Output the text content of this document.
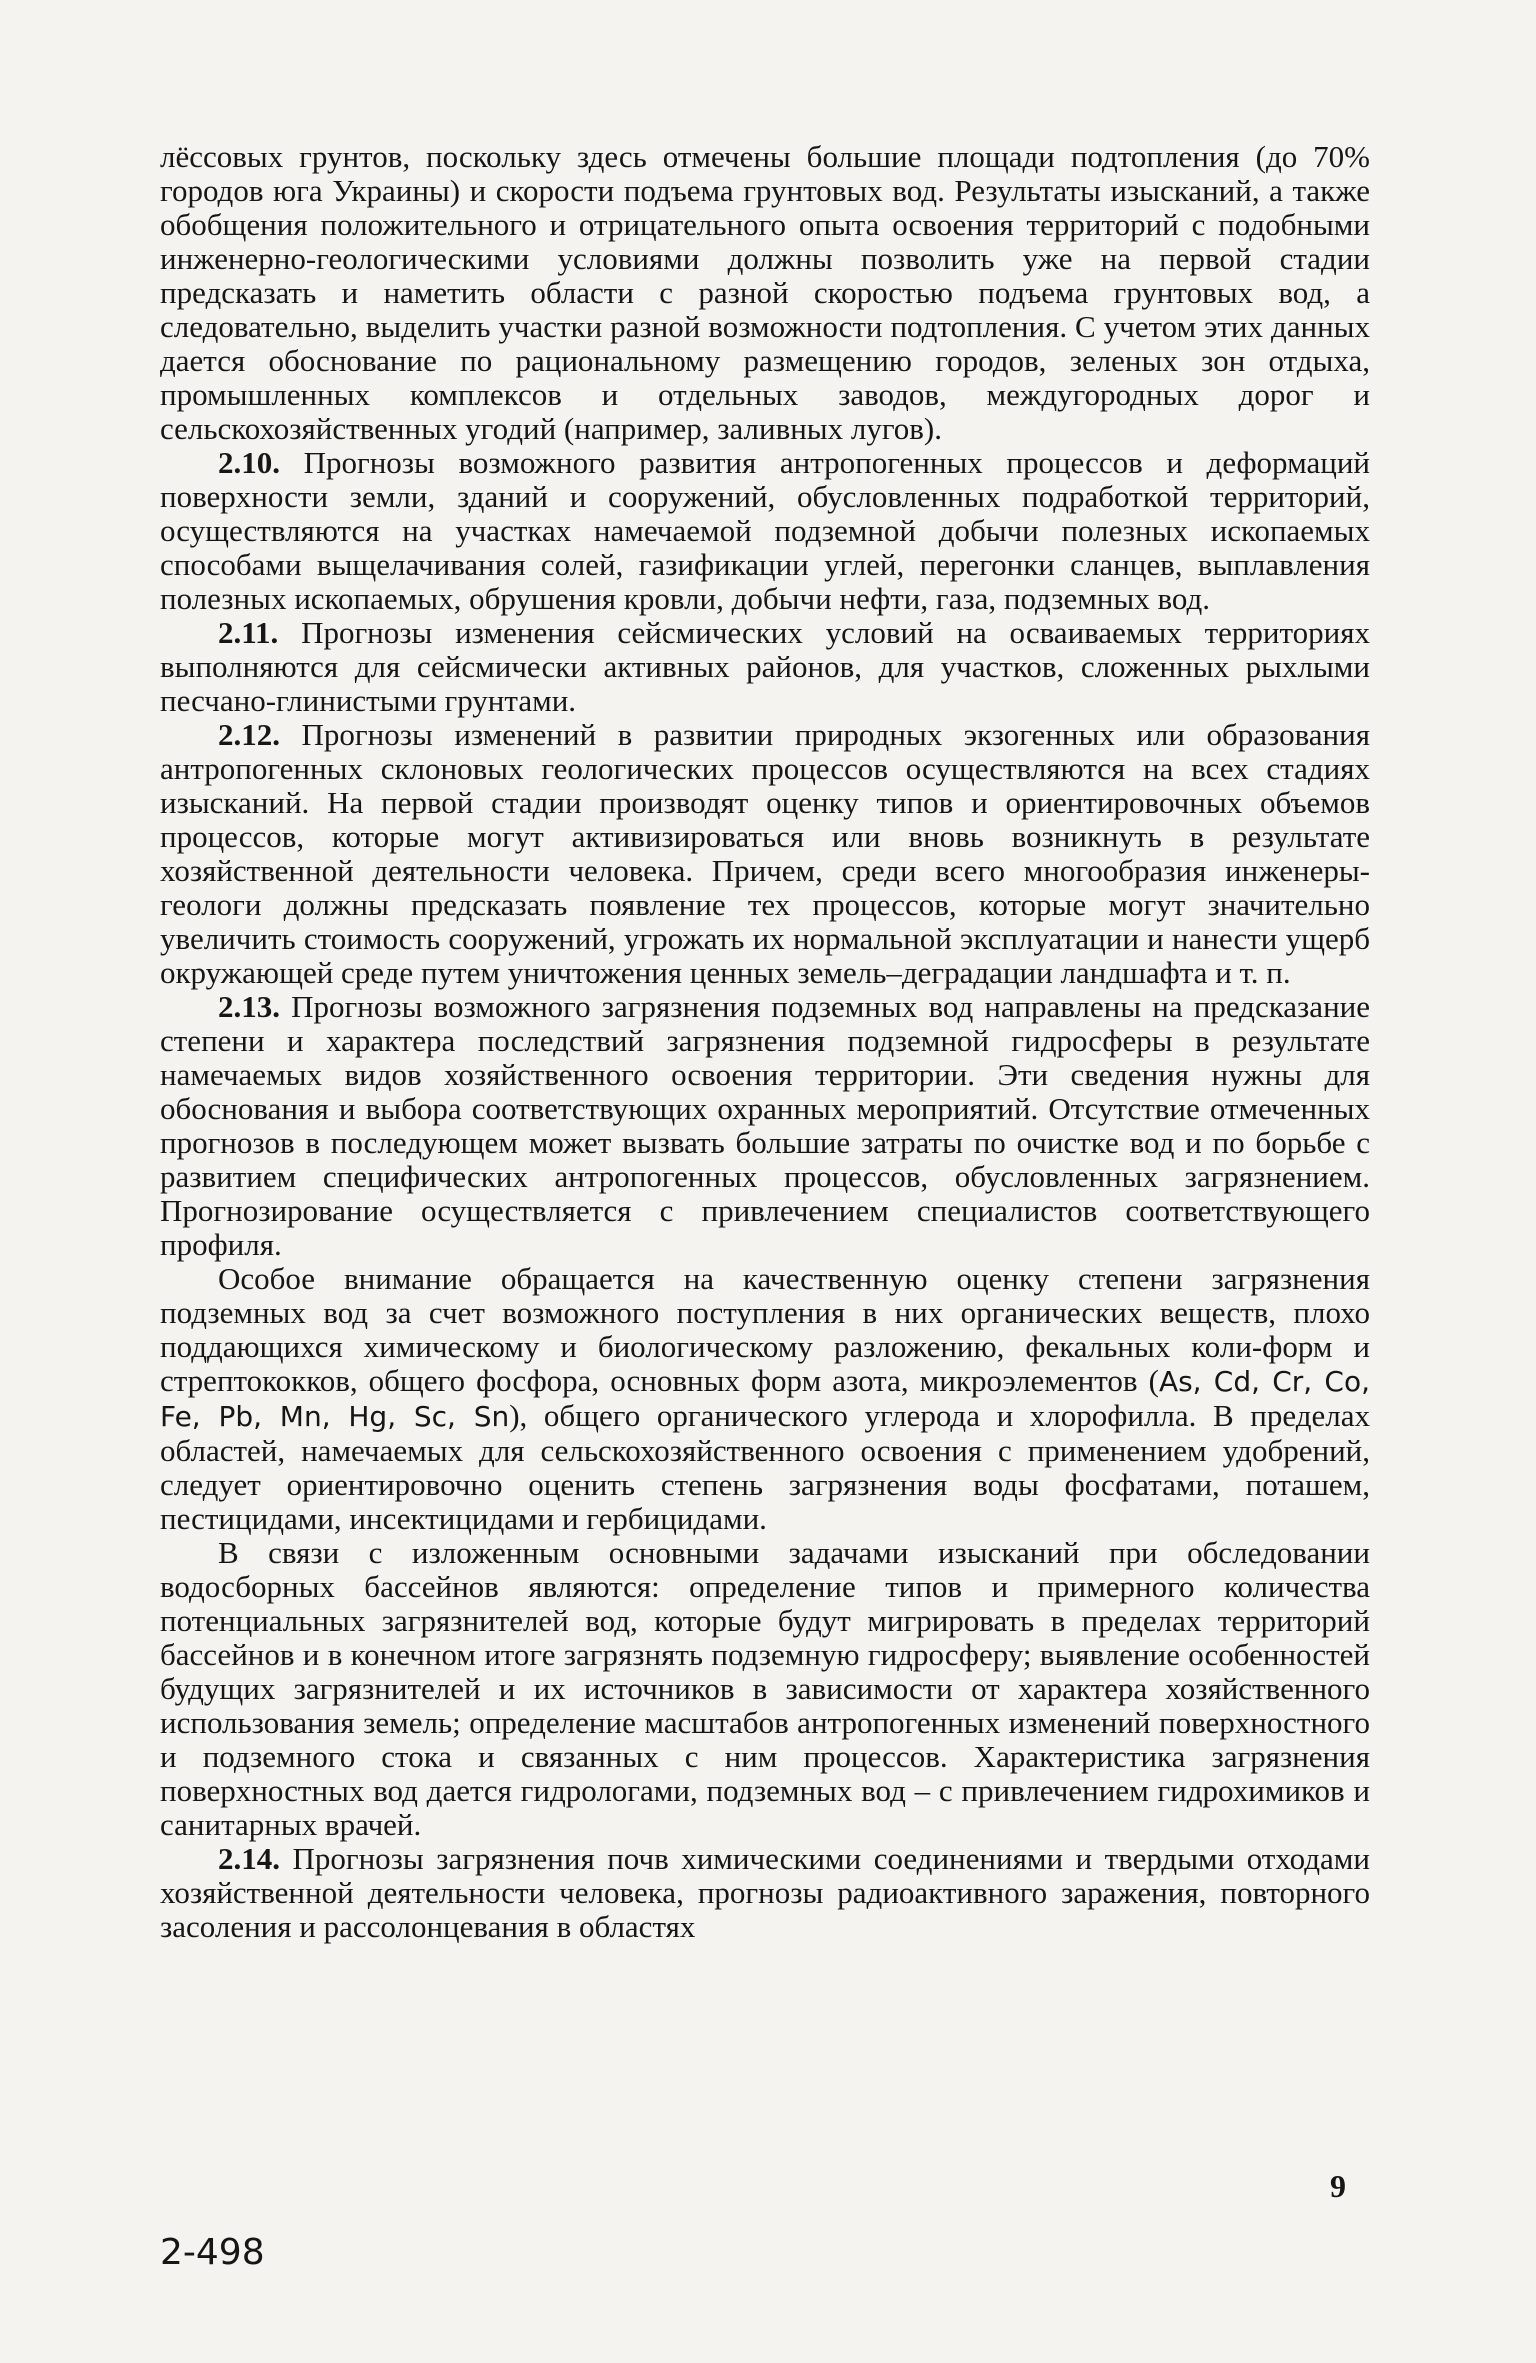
лёссовых грунтов, поскольку здесь отмечены большие площади подтопления (до 70% городов юга Украины) и скорости подъема грунтовых вод. Результаты изысканий, а также обобщения положительного и отрицательного опыта освоения территорий с подобными инженерно-геологическими условиями должны позволить уже на первой стадии предсказать и наметить области с разной скоростью подъема грунтовых вод, а следовательно, выделить участки разной возможности подтопления. С учетом этих данных дается обоснование по рациональному размещению городов, зеленых зон отдыха, промышленных комплексов и отдельных заводов, междугородных дорог и сельскохозяйственных угодий (например, заливных лугов).

2.10. Прогнозы возможного развития антропогенных процессов и деформаций поверхности земли, зданий и сооружений, обусловленных подработкой территорий, осуществляются на участках намечаемой подземной добычи полезных ископаемых способами выщелачивания солей, газификации углей, перегонки сланцев, выплавления полезных ископаемых, обрушения кровли, добычи нефти, газа, подземных вод.

2.11. Прогнозы изменения сейсмических условий на осваиваемых территориях выполняются для сейсмически активных районов, для участков, сложенных рыхлыми песчано-глинистыми грунтами.

2.12. Прогнозы изменений в развитии природных экзогенных или образования антропогенных склоновых геологических процессов осуществляются на всех стадиях изысканий. На первой стадии производят оценку типов и ориентировочных объемов процессов, которые могут активизироваться или вновь возникнуть в результате хозяйственной деятельности человека. Причем, среди всего многообразия инженеры-геологи должны предсказать появление тех процессов, которые могут значительно увеличить стоимость сооружений, угрожать их нормальной эксплуатации и нанести ущерб окружающей среде путем уничтожения ценных земель–деградации ландшафта и т. п.

2.13. Прогнозы возможного загрязнения подземных вод направлены на предсказание степени и характера последствий загрязнения подземной гидросферы в результате намечаемых видов хозяйственного освоения территории. Эти сведения нужны для обоснования и выбора соответствующих охранных мероприятий. Отсутствие отмеченных прогнозов в последующем может вызвать большие затраты по очистке вод и по борьбе с развитием специфических антропогенных процессов, обусловленных загрязнением. Прогнозирование осуществляется с привлечением специалистов соответствующего профиля.

Особое внимание обращается на качественную оценку степени загрязнения подземных вод за счет возможного поступления в них органических веществ, плохо поддающихся химическому и биологическому разложению, фекальных коли-форм и стрептококков, общего фосфора, основных форм азота, микроэлементов (As, Cd, Cr, Co, Fe, Pb, Mn, Hg, Sc, Sn), общего органического углерода и хлорофилла. В пределах областей, намечаемых для сельскохозяйственного освоения с применением удобрений, следует ориентировочно оценить степень загрязнения воды фосфатами, поташем, пестицидами, инсектицидами и гербицидами.

В связи с изложенным основными задачами изысканий при обследовании водосборных бассейнов являются: определение типов и примерного количества потенциальных загрязнителей вод, которые будут мигрировать в пределах территорий бассейнов и в конечном итоге загрязнять подземную гидросферу; выявление особенностей будущих загрязнителей и их источников в зависимости от характера хозяйственного использования земель; определение масштабов антропогенных изменений поверхностного и подземного стока и связанных с ним процессов. Характеристика загрязнения поверхностных вод дается гидрологами, подземных вод – с привлечением гидрохимиков и санитарных врачей.

2.14. Прогнозы загрязнения почв химическими соединениями и твердыми отходами хозяйственной деятельности человека, прогнозы радиоактивного заражения, повторного засоления и рассолонцевания в областях

9
2-498
